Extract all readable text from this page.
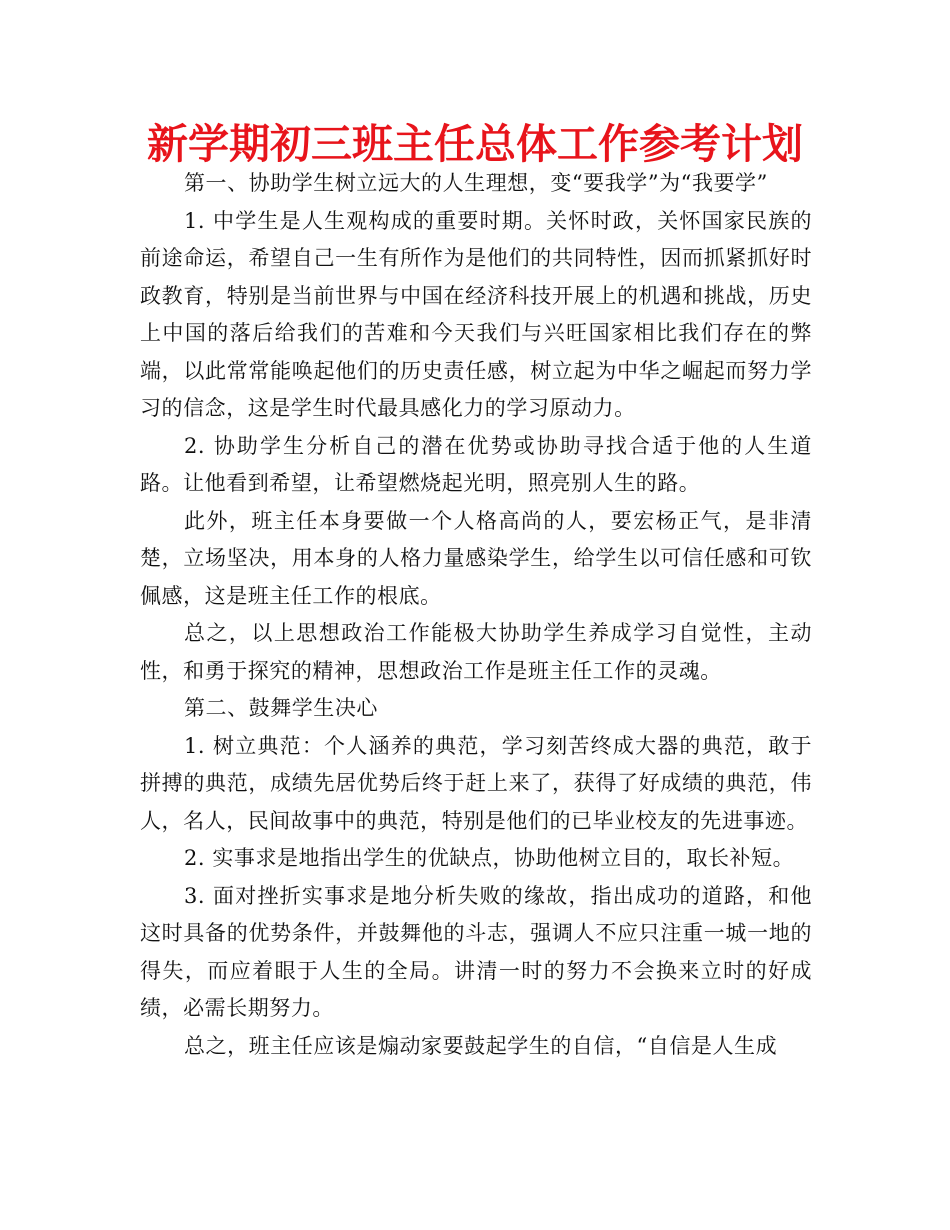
新学期初三班主任总体工作参考计划

第一、协助学生树立远大的人生理想，变“要我学”为“我要学”

1. 中学生是人生观构成的重要时期。关怀时政，关怀国家民族的前途命运，希望自己一生有所作为是他们的共同特性，因而抓紧抓好时政教育，特别是当前世界与中国在经济科技开展上的机遇和挑战，历史上中国的落后给我们的苦难和今天我们与兴旺国家相比我们存在的弊端，以此常常能唤起他们的历史责任感，树立起为中华之崛起而努力学习的信念，这是学生时代最具感化力的学习原动力。

2. 协助学生分析自己的潜在优势或协助寻找合适于他的人生道路。让他看到希望，让希望燃烧起光明，照亮别人生的路。

此外，班主任本身要做一个人格高尚的人，要宏杨正气，是非清楚，立场坚决，用本身的人格力量感染学生，给学生以可信任感和可钦佩感，这是班主任工作的根底。

总之，以上思想政治工作能极大协助学生养成学习自觉性，主动性，和勇于探究的精神，思想政治工作是班主任工作的灵魂。

第二、鼓舞学生决心

1. 树立典范：个人涵养的典范，学习刻苦终成大器的典范，敢于拼搏的典范，成绩先居优势后终于赶上来了，获得了好成绩的典范，伟人，名人，民间故事中的典范，特别是他们的已毕业校友的先进事迹。

2. 实事求是地指出学生的优缺点，协助他树立目的，取长补短。

3. 面对挫折实事求是地分析失败的缘故，指出成功的道路，和他这时具备的优势条件，并鼓舞他的斗志，强调人不应只注重一城一地的得失，而应着眼于人生的全局。讲清一时的努力不会换来立时的好成绩，必需长期努力。

总之，班主任应该是煽动家要鼓起学生的自信，“自信是人生成
